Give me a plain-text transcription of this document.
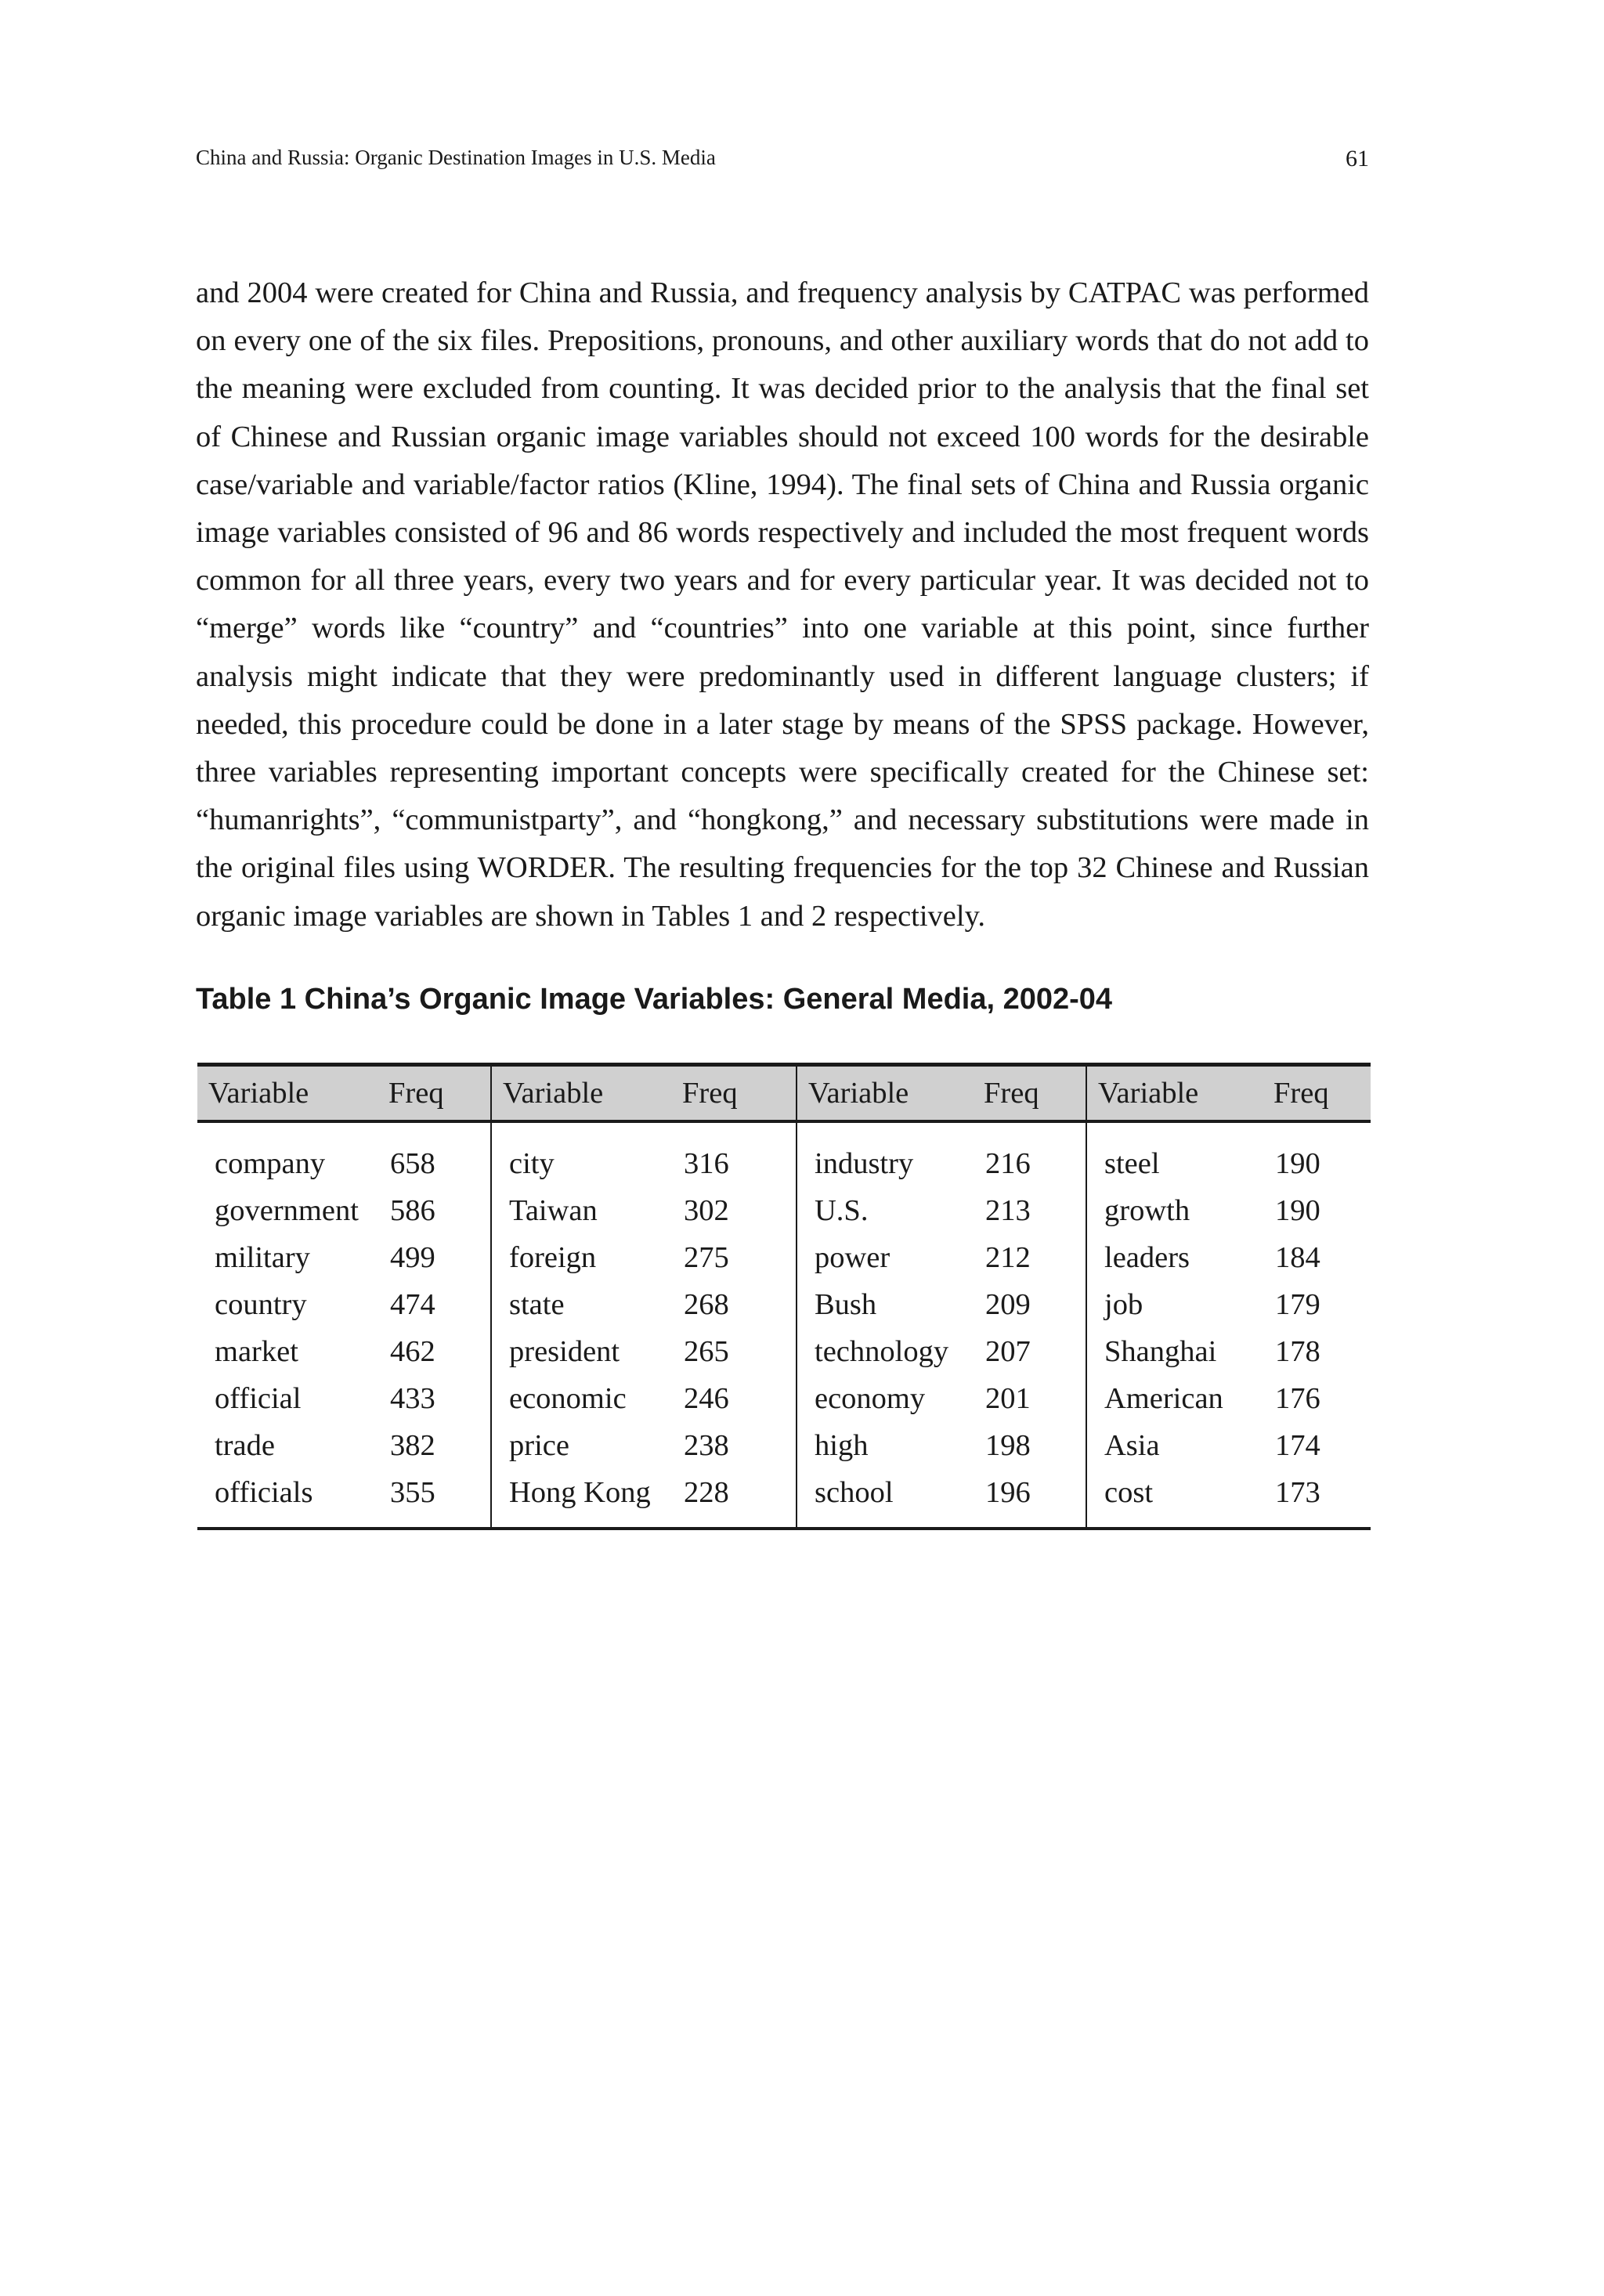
China and Russia: Organic Destination Images in U.S. Media	61

and 2004 were created for China and Russia, and frequency analysis by CATPAC was performed on every one of the six files. Prepositions, pronouns, and other auxiliary words that do not add to the meaning were excluded from counting. It was decided prior to the analysis that the final set of Chinese and Russian organic image variables should not exceed 100 words for the desirable case/variable and variable/factor ratios (Kline, 1994). The final sets of China and Russia organic image variables consisted of 96 and 86 words respectively and included the most frequent words common for all three years, every two years and for every particular year. It was decided not to “merge” words like “country” and “countries” into one variable at this point, since further analysis might indicate that they were predominantly used in different language clusters; if needed, this procedure could be done in a later stage by means of the SPSS package. However, three variables representing important concepts were specifically created for the Chinese set: “humanrights”, “communistparty”, and “hongkong,” and necessary substitutions were made in the original files using WORDER. The resulting frequencies for the top 32 Chinese and Russian organic image variables are shown in Tables 1 and 2 respectively.

Table 1 China’s Organic Image Variables: General Media, 2002-04
Variable	Freq	Variable	Freq	Variable	Freq	Variable	Freq
company	658	city	316	industry	216	steel	190
government	586	Taiwan	302	U.S.	213	growth	190
military	499	foreign	275	power	212	leaders	184
country	474	state	268	Bush	209	job	179
market	462	president	265	technology	207	Shanghai	178
official	433	economic	246	economy	201	American	176
trade	382	price	238	high	198	Asia	174
officials	355	Hong Kong	228	school	196	cost	173
